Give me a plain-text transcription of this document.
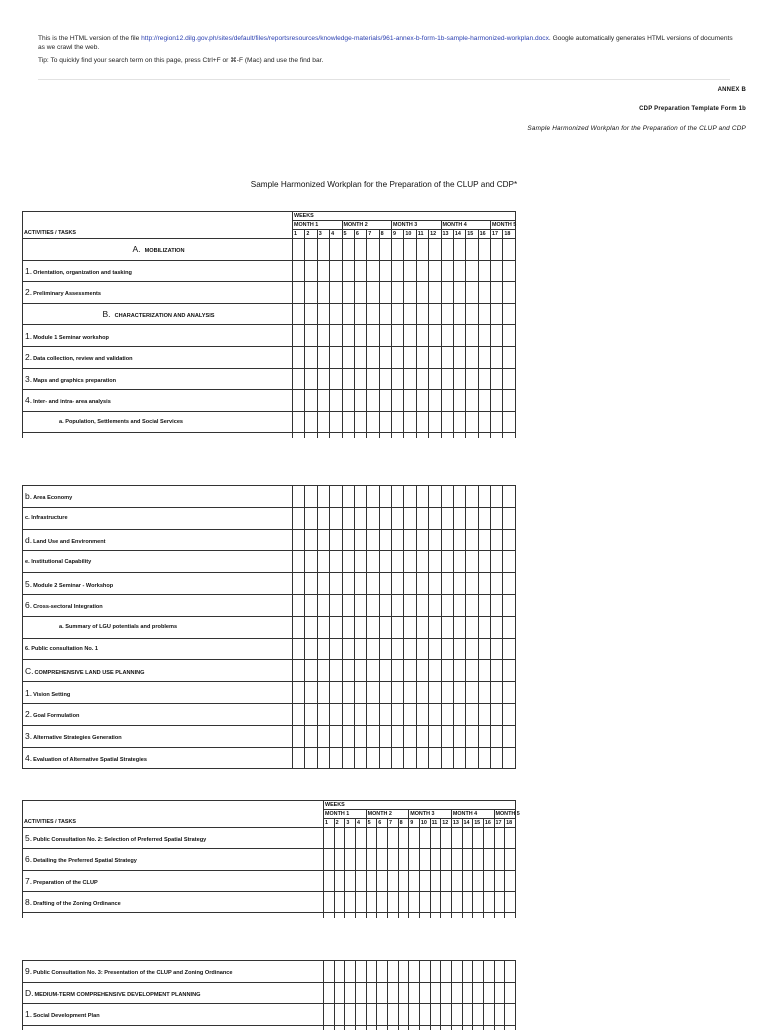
This is the HTML version of the file http://region12.dilg.gov.ph/sites/default/files/reportsresources/knowledge-materials/961-annex-b-form-1b-sample-harmonized-workplan.docx. Google automatically generates HTML versions of documents as we crawl the web.
Tip: To quickly find your search term on this page, press Ctrl+F or ⌘-F (Mac) and use the find bar.
ANNEX B
CDP Preparation Template Form 1b
Sample Harmonized Workplan for the Preparation of the CLUP and CDP
Sample Harmonized Workplan for the Preparation of the CLUP and CDP*
	WEEKS																		
	MONTH 1				MONTH 2				MONTH 3				MONTH 4				MONTH 5	
ACTIVITIES / TASKS	1	2	3	4	5	6	7	8	9	10	11	12	13	14	15	16	17	18	
A. MOBILIZATION																			
1.Orientation, organization and tasking																			
2.Preliminary Assessments																			
B. CHARACTERIZATION AND ANALYSIS																			
1.Module 1 Seminar workshop																			
2.Data collection, review and validation																			
3.Maps and graphics preparation																			
4.Inter- and intra- area analysis																			
a. Population, Settlements and Social Services																			

b.Area Economy																		
c. Infrastructure																		
d.Land Use and Environment																		
e. Institutional Capability																		
5.Module 2 Seminar - Workshop																		
6.Cross-sectoral Integration																		
a. Summary of LGU potentials and problems																		
6. Public consultation No. 1																		
C.COMPREHENSIVE LAND USE PLANNING																		
1.Vision Setting																		
2.Goal Formulation																		
3.Alternative Strategies Generation																		
4.Evaluation of Alternative Spatial Strategies																		
	WEEKS																		
	MONTH 1				MONTH 2				MONTH 3				MONTH 4				MONTH 5	
ACTIVITIES / TASKS	1	2	3	4	5	6	7	8	9	10	11	12	13	14	15	16	17	18	
5.Public Consultation No. 2: Selection of Preferred Spatial Strategy																			
6.Detailing the Preferred Spatial Strategy																			
7.Preparation of the CLUP																			
8.Drafting of the Zoning Ordinance																			

9.Public Consultation No. 3: Presentation of the CLUP and Zoning Ordinance																		
D.MEDIUM-TERM COMPREHENSIVE DEVELOPMENT PLANNING																		
1.Social Development Plan																		
